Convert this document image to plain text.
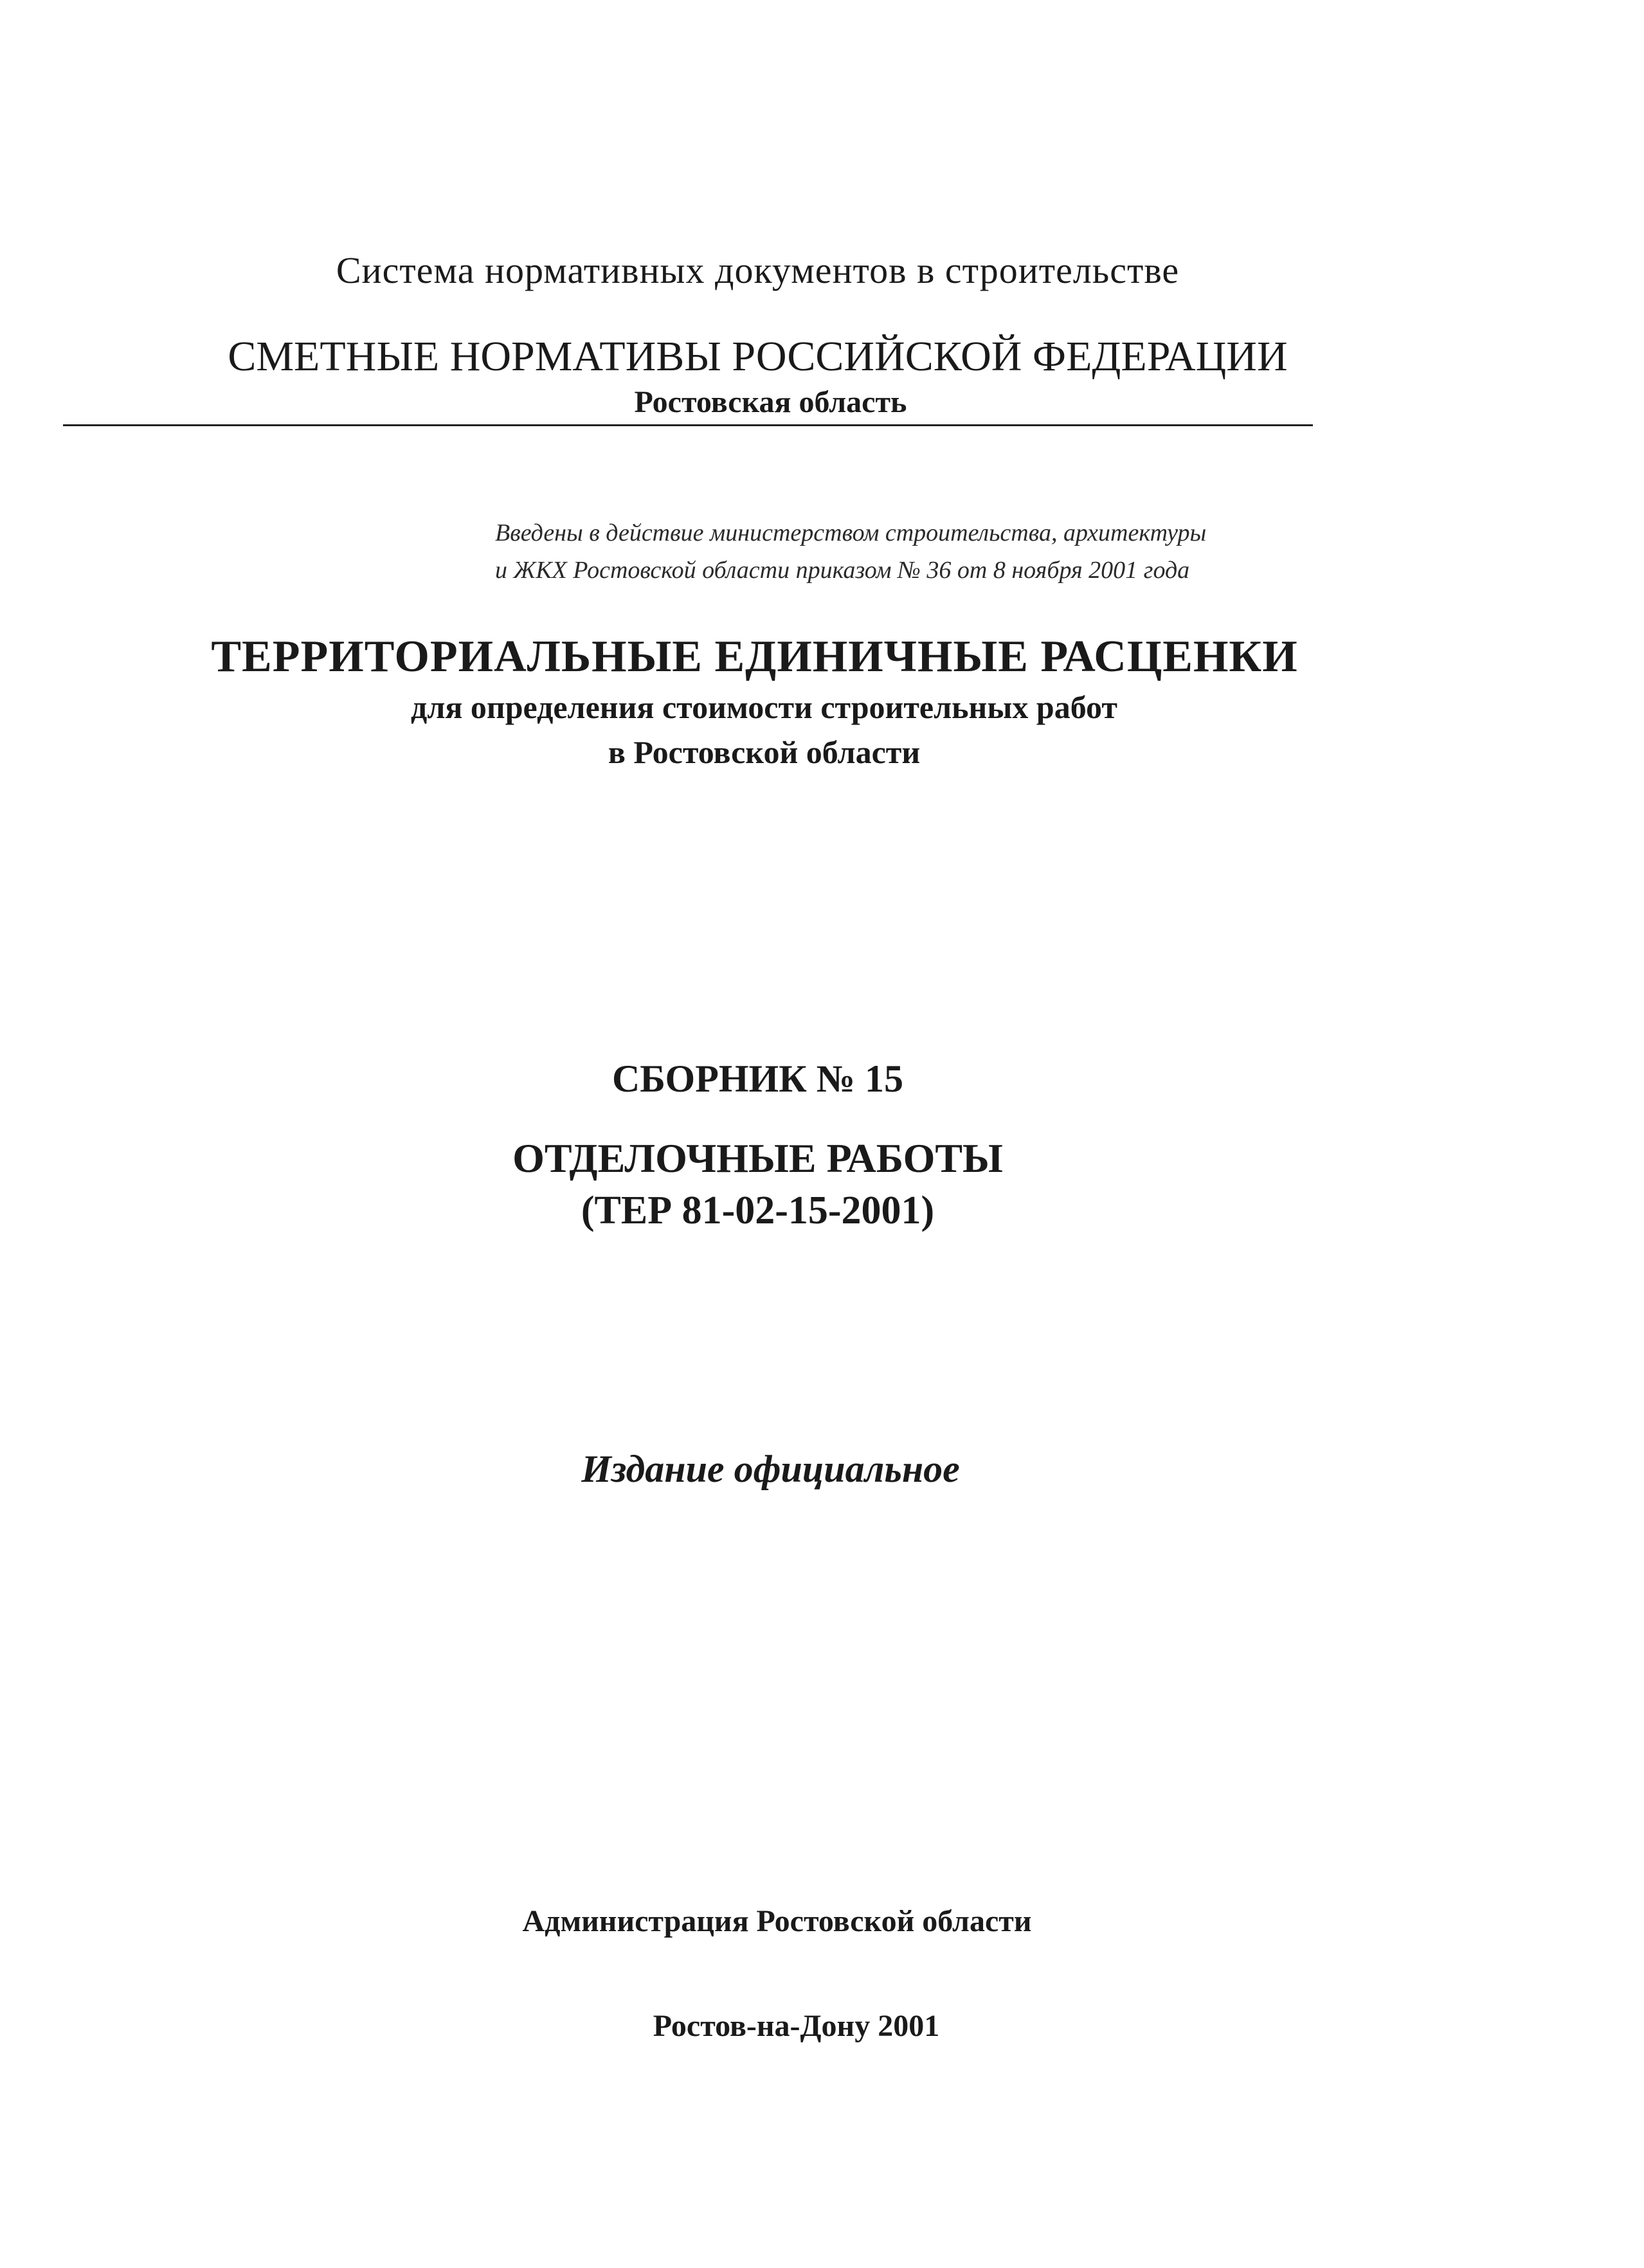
Система нормативных документов в строительстве
СМЕТНЫЕ НОРМАТИВЫ РОССИЙСКОЙ ФЕДЕРАЦИИ
Ростовская область
Введены в действие министерством строительства, архитектуры
и ЖКХ Ростовской области приказом № 36 от 8 ноября 2001 года
ТЕРРИТОРИАЛЬНЫЕ ЕДИНИЧНЫЕ РАСЦЕНКИ
для определения стоимости строительных работ
в Ростовской области
СБОРНИК № 15
ОТДЕЛОЧНЫЕ РАБОТЫ
(ТЕР 81-02-15-2001)
Издание официальное
Администрация Ростовской области
Ростов-на-Дону 2001
